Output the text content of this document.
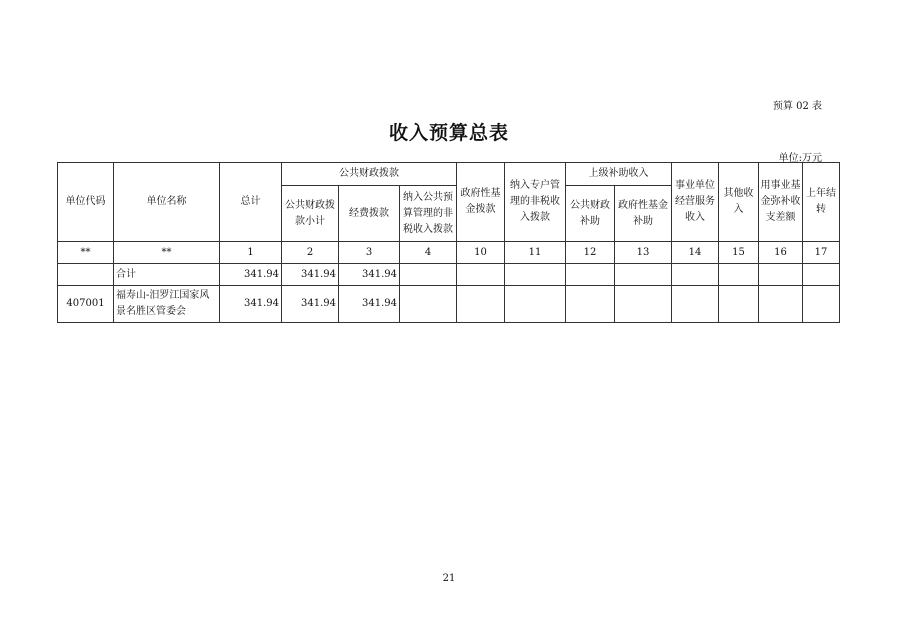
预算 02 表
收入预算总表
单位:万元
单位代码	单位名称	总计	公共财政拨款			政府性基金拨款	纳入专户管理的非税收入拨款	上级补助收入		事业单位经营服务收入	其他收入	用事业基金弥补收支差额	上年结转
			公共财政拨款小计	经费拨款	纳入公共预算管理的非税收入拨款			公共财政补助	政府性基金补助				
**	**	1	2	3	4	10	11	12	13	14	15	16	17
	合计	341.94	341.94	341.94									
407001	福寿山-汨罗江国家风景名胜区管委会	341.94	341.94	341.94									
21
